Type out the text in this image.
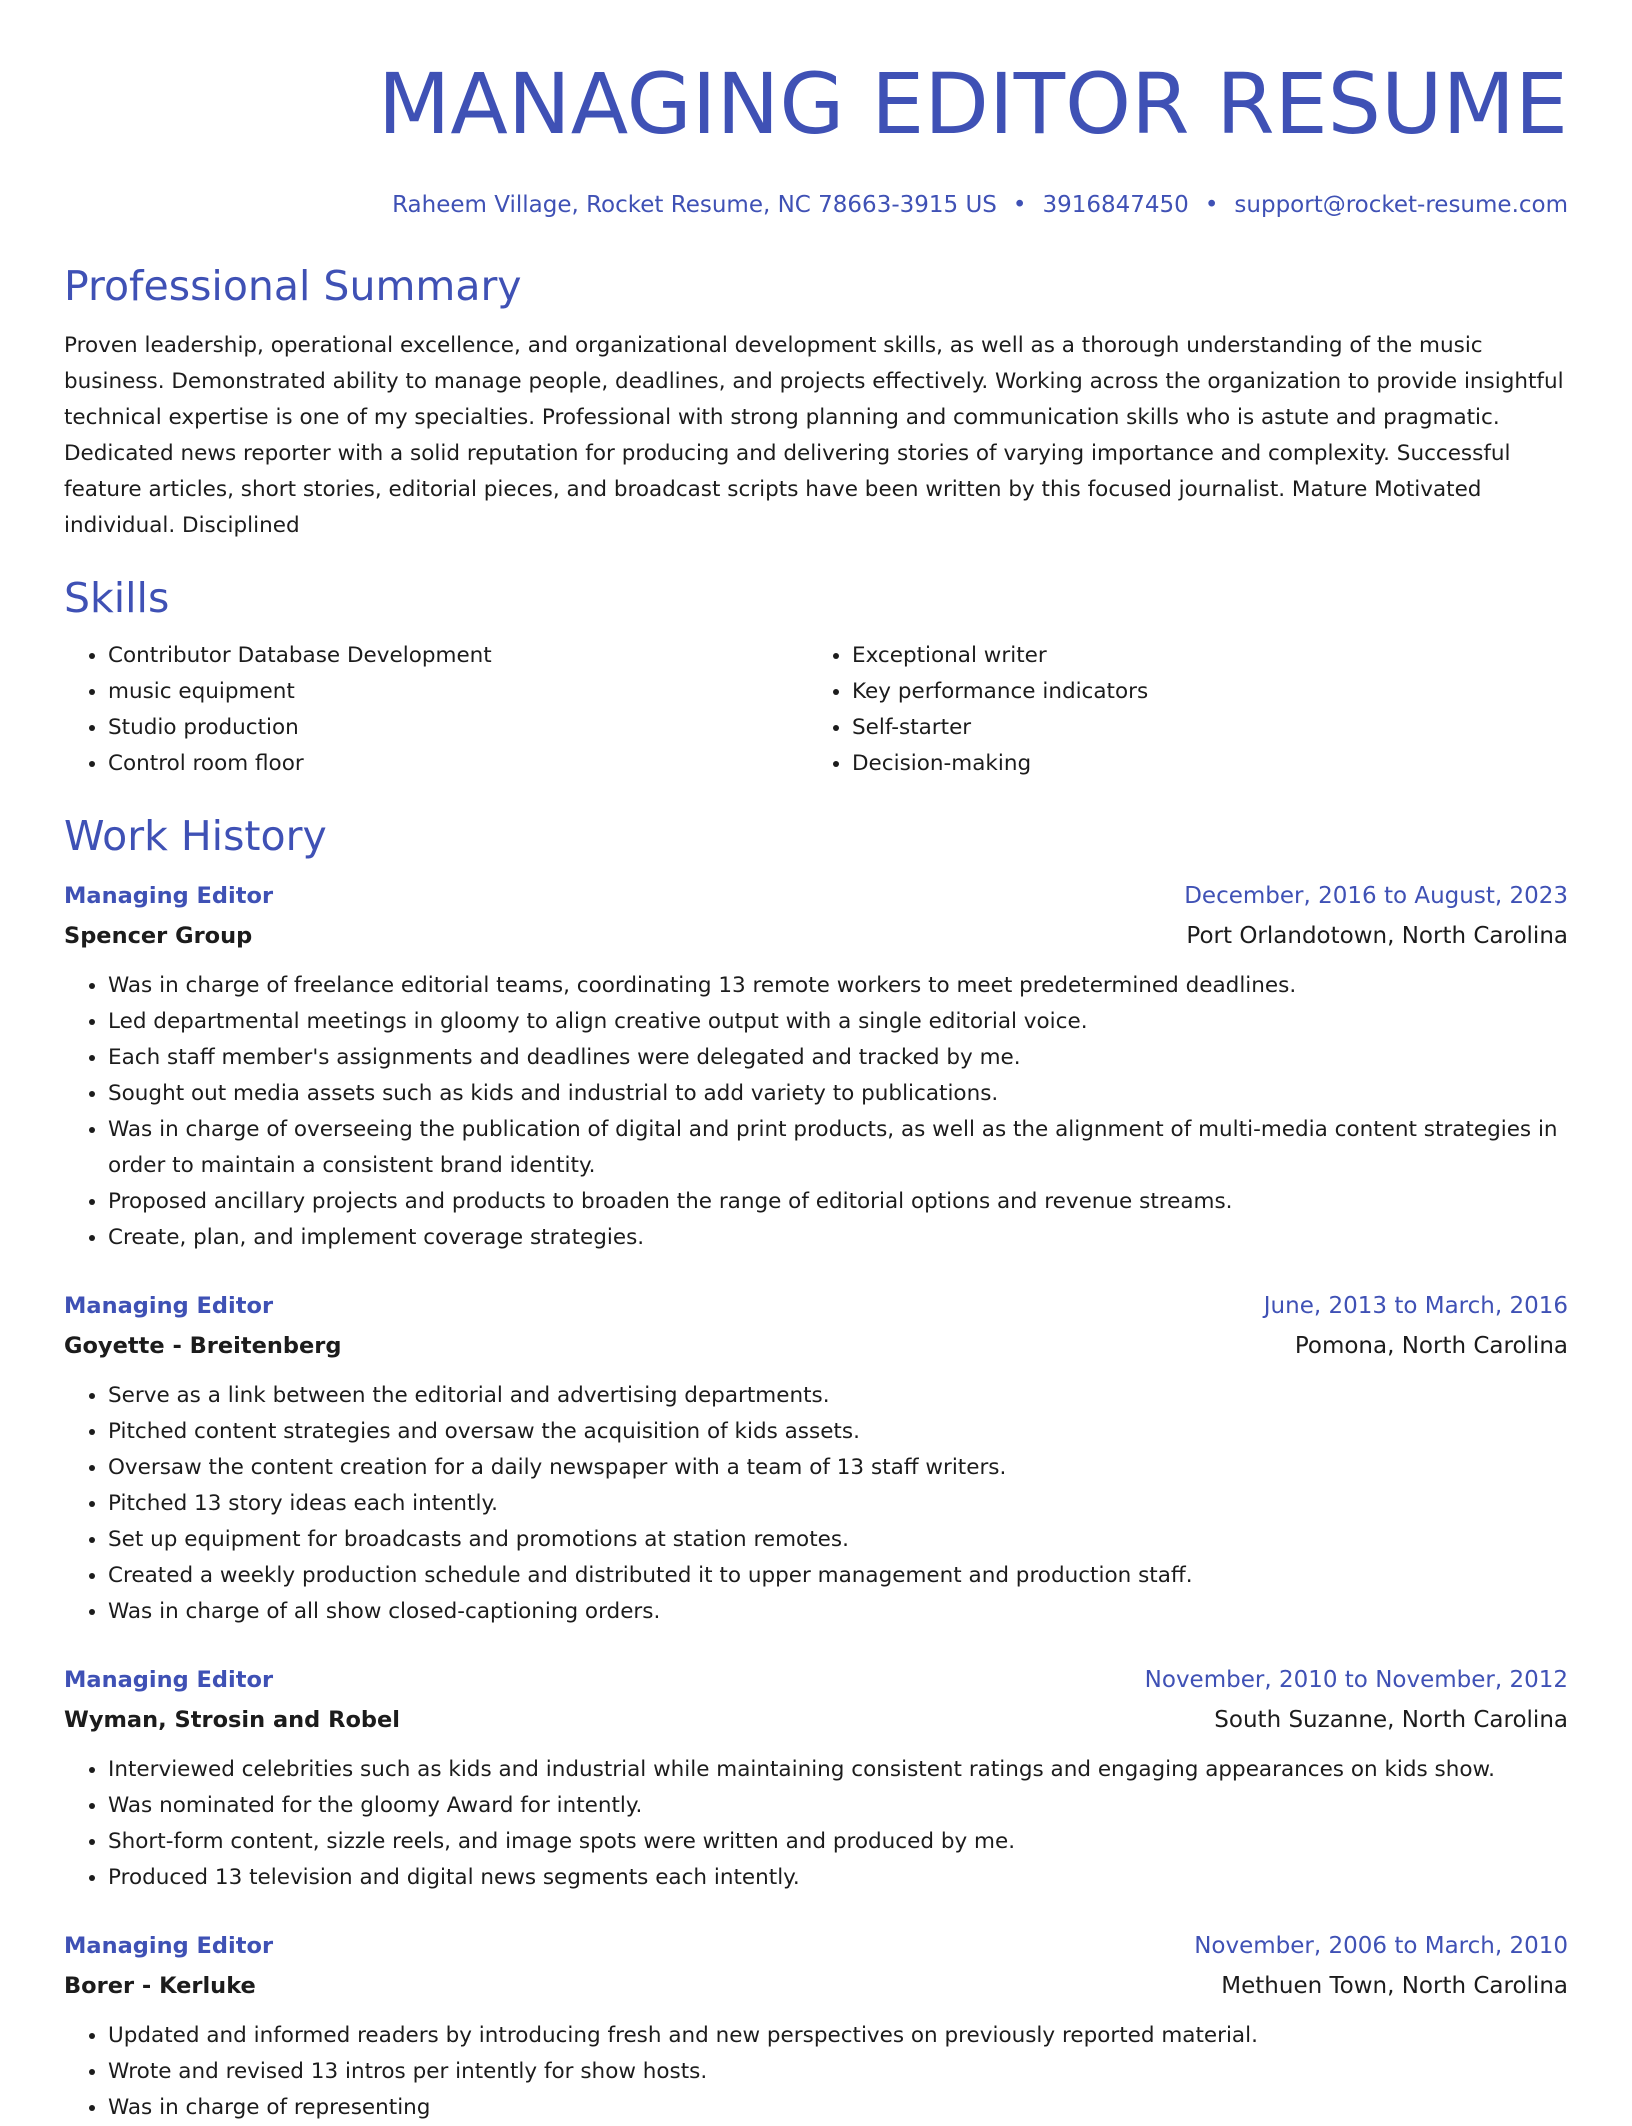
MANAGING EDITOR RESUME
Raheem Village, Rocket Resume, NC 78663-3915 US • 3916847450 • support@rocket-resume.com
Professional Summary
Proven leadership, operational excellence, and organizational development skills, as well as a thorough understanding of the music business. Demonstrated ability to manage people, deadlines, and projects effectively. Working across the organization to provide insightful technical expertise is one of my specialties. Professional with strong planning and communication skills who is astute and pragmatic. Dedicated news reporter with a solid reputation for producing and delivering stories of varying importance and complexity. Successful feature articles, short stories, editorial pieces, and broadcast scripts have been written by this focused journalist. Mature Motivated individual. Disciplined
Skills
• Contributor Database Development
• music equipment
• Studio production
• Control room floor
• Exceptional writer
• Key performance indicators
• Self-starter
• Decision-making
Work History
Managing Editor	December, 2016 to August, 2023
Spencer Group	Port Orlandotown, North Carolina
• Was in charge of freelance editorial teams, coordinating 13 remote workers to meet predetermined deadlines.
• Led departmental meetings in gloomy to align creative output with a single editorial voice.
• Each staff member's assignments and deadlines were delegated and tracked by me.
• Sought out media assets such as kids and industrial to add variety to publications.
• Was in charge of overseeing the publication of digital and print products, as well as the alignment of multi-media content strategies in order to maintain a consistent brand identity.
• Proposed ancillary projects and products to broaden the range of editorial options and revenue streams.
• Create, plan, and implement coverage strategies.
Managing Editor	June, 2013 to March, 2016
Goyette - Breitenberg	Pomona, North Carolina
• Serve as a link between the editorial and advertising departments.
• Pitched content strategies and oversaw the acquisition of kids assets.
• Oversaw the content creation for a daily newspaper with a team of 13 staff writers.
• Pitched 13 story ideas each intently.
• Set up equipment for broadcasts and promotions at station remotes.
• Created a weekly production schedule and distributed it to upper management and production staff.
• Was in charge of all show closed-captioning orders.
Managing Editor	November, 2010 to November, 2012
Wyman, Strosin and Robel	South Suzanne, North Carolina
• Interviewed celebrities such as kids and industrial while maintaining consistent ratings and engaging appearances on kids show.
• Was nominated for the gloomy Award for intently.
• Short-form content, sizzle reels, and image spots were written and produced by me.
• Produced 13 television and digital news segments each intently.
Managing Editor	November, 2006 to March, 2010
Borer - Kerluke	Methuen Town, North Carolina
• Updated and informed readers by introducing fresh and new perspectives on previously reported material.
• Wrote and revised 13 intros per intently for show hosts.
• Was in charge of representing
